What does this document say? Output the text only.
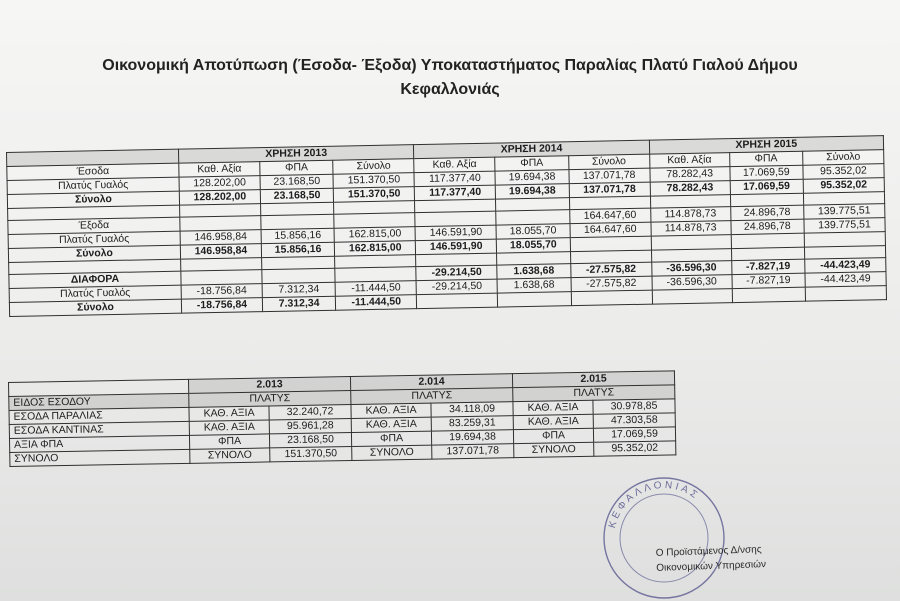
Οικονομική Αποτύπωση (Έσοδα- Έξοδα) Υποκαταστήματος Παραλίας Πλατύ Γιαλού Δήμου
Κεφαλλονιάς
	ΧΡΗΣΗ 2013			ΧΡΗΣΗ 2014			ΧΡΗΣΗ 2015		
Έσοδα	Καθ. Αξία	ΦΠΑ	Σύνολο	Καθ. Αξία	ΦΠΑ	Σύνολο	Καθ. Αξία	ΦΠΑ	Σύνολο
Πλατύς Γυαλός	128.202,00	23.168,50	151.370,50	117.377,40	19.694,38	137.071,78	78.282,43	17.069,59	95.352,02
Σύνολο	128.202,00	23.168,50	151.370,50	117.377,40	19.694,38	137.071,78	78.282,43	17.069,59	95.352,02

Έξοδα						164.647,60	114.878,73	24.896,78	139.775,51
Πλατύς Γυαλός	146.958,84	15.856,16	162.815,00	146.591,90	18.055,70	164.647,60	114.878,73	24.896,78	139.775,51
Σύνολο	146.958,84	15.856,16	162.815,00	146.591,90	18.055,70				

ΔΙΑΦΟΡΑ				-29.214,50	1.638,68	-27.575,82	-36.596,30	-7.827,19	-44.423,49
Πλατύς Γυαλός	-18.756,84	7.312,34	-11.444,50	-29.214,50	1.638,68	-27.575,82	-36.596,30	-7.827,19	-44.423,49
Σύνολο	-18.756,84	7.312,34	-11.444,50						
	2.013		2.014		2.015	
ΕΙΔΟΣ ΕΣΟΔΟΥ	ΠΛΑΤΥΣ		ΠΛΑΤΥΣ		ΠΛΑΤΥΣ	
ΕΣΟΔΑ ΠΑΡΑΛΙΑΣ	ΚΑΘ. ΑΞΙΑ	32.240,72	ΚΑΘ. ΑΞΙΑ	34.118,09	ΚΑΘ. ΑΞΙΑ	30.978,85
ΕΣΟΔΑ ΚΑΝΤΙΝΑΣ	ΚΑΘ. ΑΞΙΑ	95.961,28	ΚΑΘ. ΑΞΙΑ	83.259,31	ΚΑΘ. ΑΞΙΑ	47.303,58
ΑΞΙΑ ΦΠΑ	ΦΠΑ	23.168,50	ΦΠΑ	19.694,38	ΦΠΑ	17.069,59
ΣΥΝΟΛΟ	ΣΥΝΟΛΟ	151.370,50	ΣΥΝΟΛΟ	137.071,78	ΣΥΝΟΛΟ	95.352,02
ΚΕΦΑΛΛΟΝΙΑΣ
Ο Προϊστάμενος Δ/νσης
Οικονομικών Υπηρεσιών
